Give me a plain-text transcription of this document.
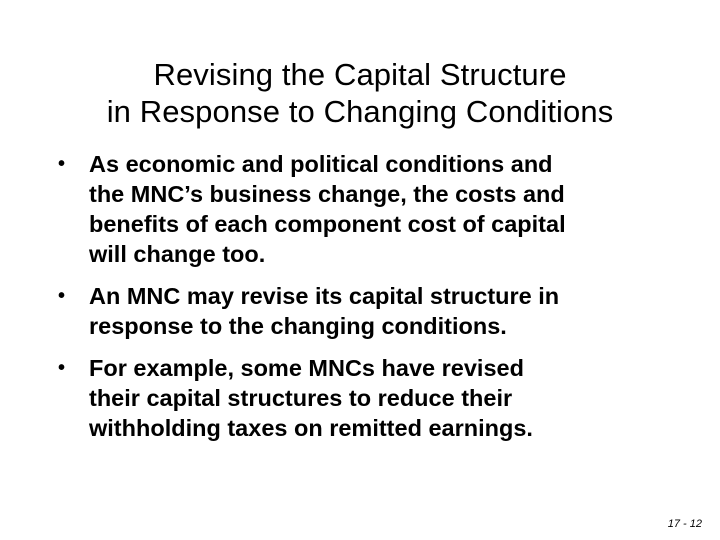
Revising the Capital Structure
in Response to Changing Conditions
• As economic and political conditions and
the MNC’s business change, the costs and
benefits of each component cost of capital
will change too.
• An MNC may revise its capital structure in
response to the changing conditions.
• For example, some MNCs have revised
their capital structures to reduce their
withholding taxes on remitted earnings.
17 - 12
